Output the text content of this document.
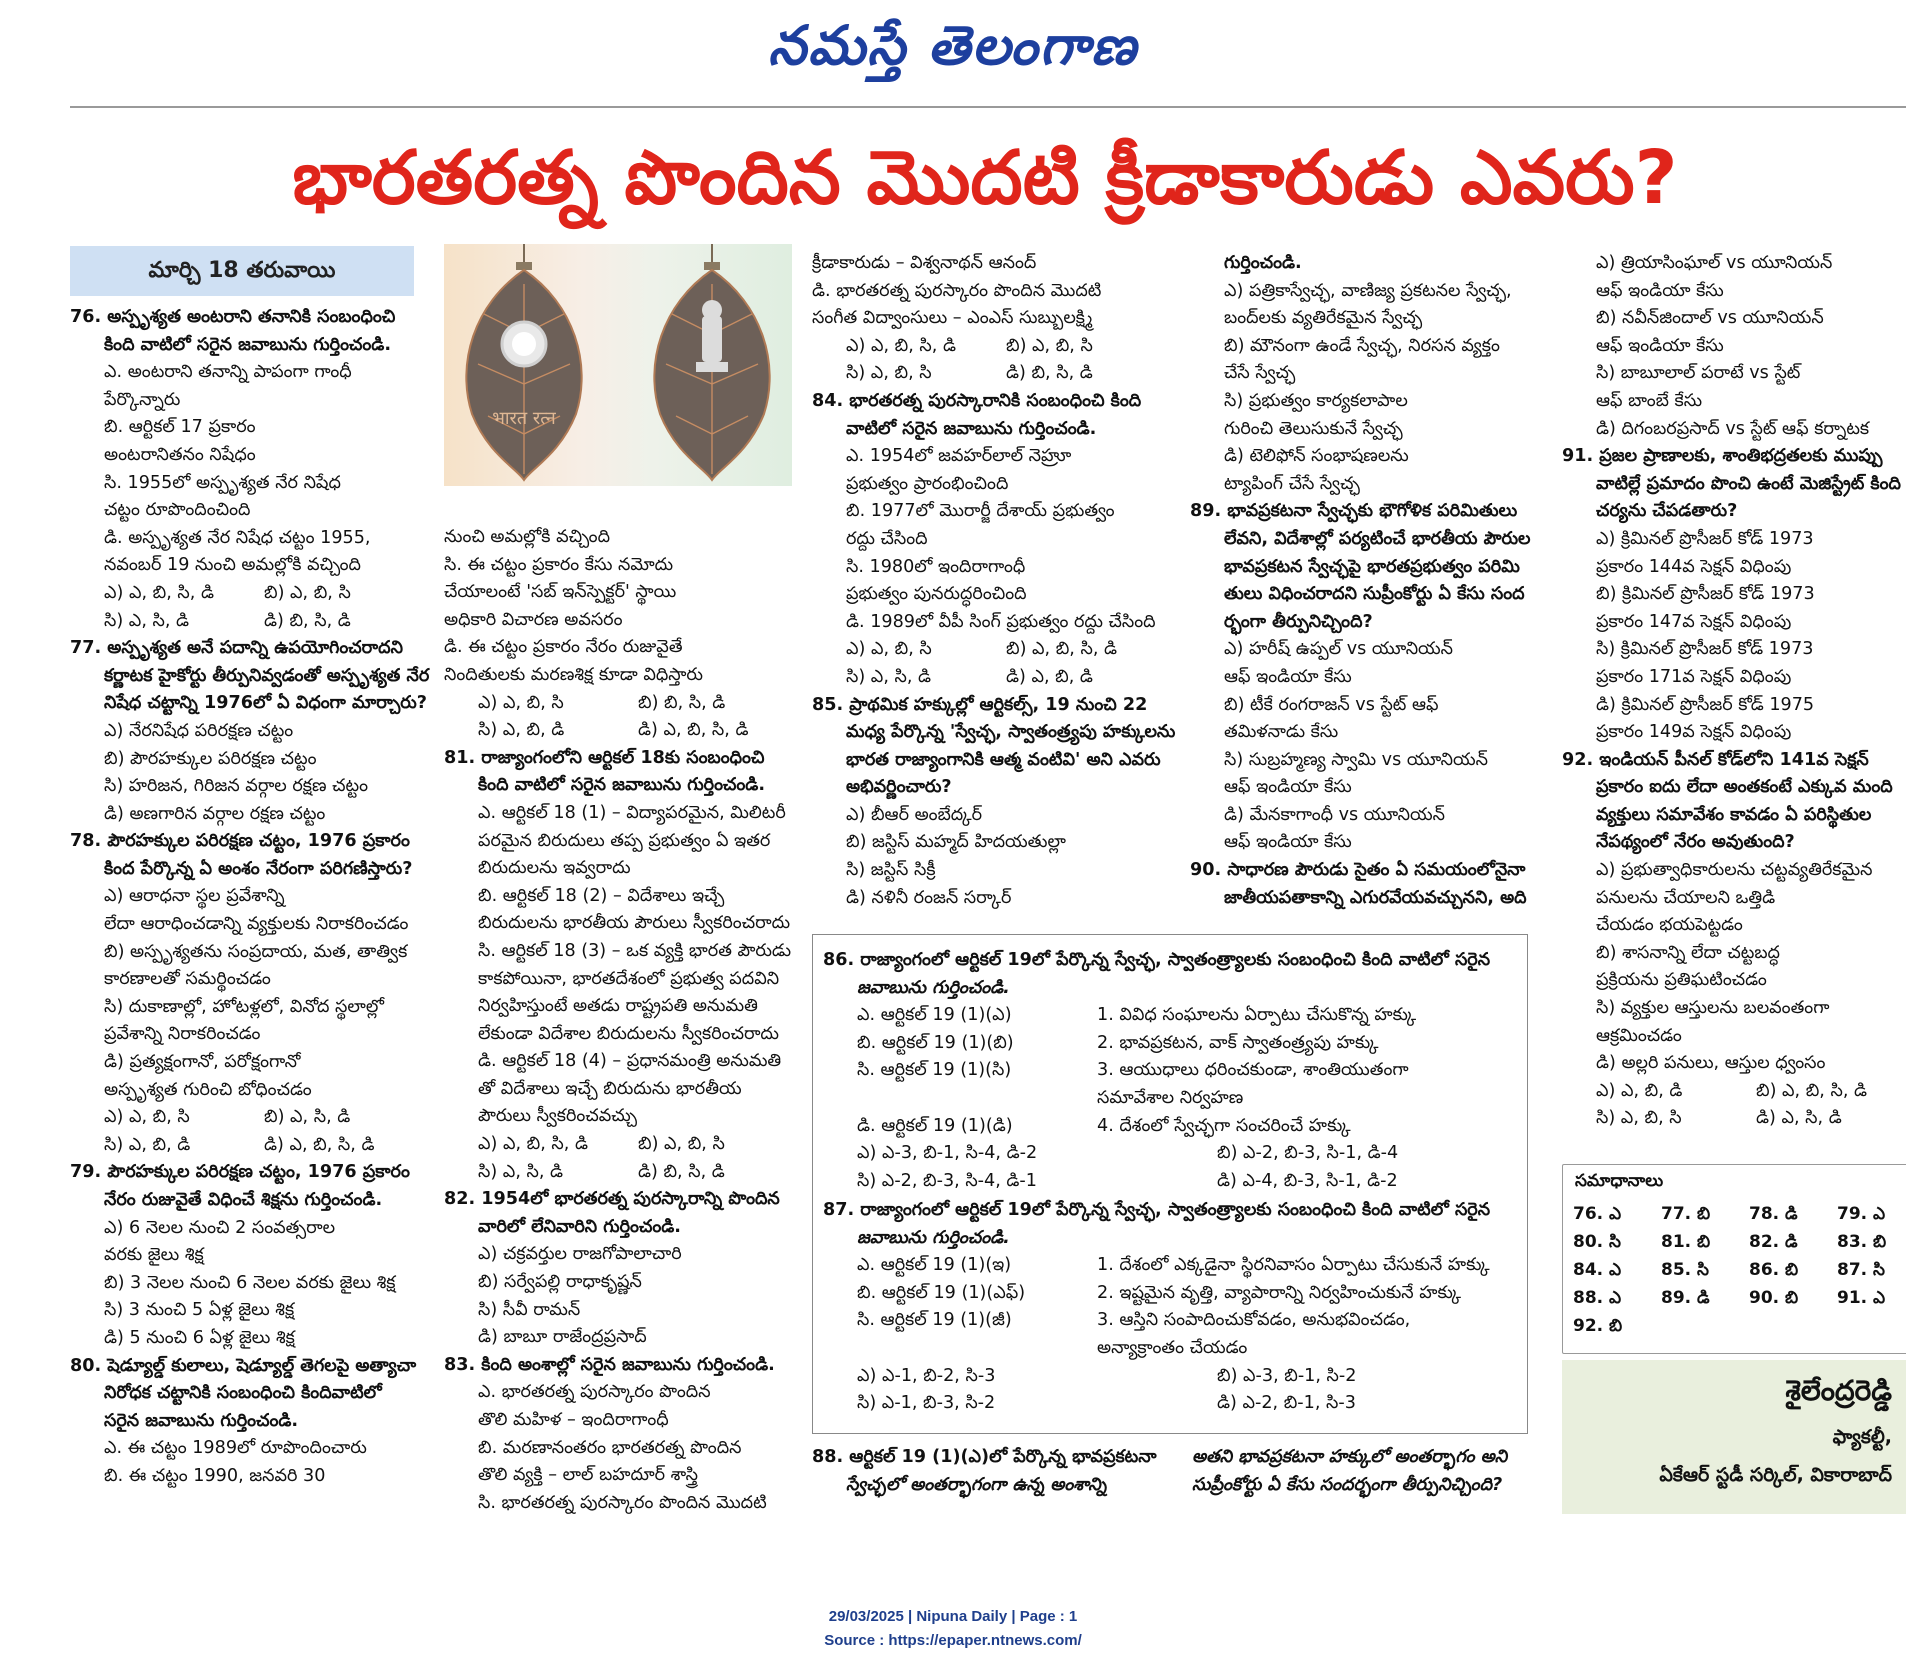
నమస్తే తెలంగాణ
భారతరత్న పొందిన మొదటి క్రీడాకారుడు ఎవరు?
మార్చి 18 తరువాయి
भारत रत्न
76. అస్పృశ్యత అంటరాని తనానికి సంబంధించి
కింది వాటిలో సరైన జవాబును గుర్తించండి.
ఎ. అంటరాని తనాన్ని పాపంగా గాంధీ
పేర్కొన్నారు
బి. ఆర్టికల్ 17 ప్రకారం
అంటరానితనం నిషేధం
సి. 1955లో అస్పృశ్యత నేర నిషేధ
చట్టం రూపొందించింది
డి. అస్పృశ్యత నేర నిషేధ చట్టం 1955,
నవంబర్ 19 నుంచి అమల్లోకి వచ్చింది
ఎ) ఎ, బి, సి, డి	బి) ఎ, బి, సి
సి) ఎ, సి, డి	డి) బి, సి, డి
77. అస్పృశ్యత అనే పదాన్ని ఉపయోగించరాదని
కర్ణాటక హైకోర్టు తీర్పునివ్వడంతో అస్పృశ్యత నేర
నిషేధ చట్టాన్ని 1976లో ఏ విధంగా మార్చారు?
ఎ) నేరనిషేధ పరిరక్షణ చట్టం
బి) పౌరహక్కుల పరిరక్షణ చట్టం
సి) హరిజన, గిరిజన వర్గాల రక్షణ చట్టం
డి) అణగారిన వర్గాల రక్షణ చట్టం
78. పౌరహక్కుల పరిరక్షణ చట్టం, 1976 ప్రకారం
కింద పేర్కొన్న ఏ అంశం నేరంగా పరిగణిస్తారు?
ఎ) ఆరాధనా స్థల ప్రవేశాన్ని
లేదా ఆరాధించడాన్ని వ్యక్తులకు నిరాకరించడం
బి) అస్పృశ్యతను సంప్రదాయ, మత, తాత్విక
కారణాలతో సమర్థించడం
సి) దుకాణాల్లో, హోటళ్లలో, వినోద స్థలాల్లో
ప్రవేశాన్ని నిరాకరించడం
డి) ప్రత్యక్షంగానో, పరోక్షంగానో
అస్పృశ్యత గురించి బోధించడం
ఎ) ఎ, బి, సి	బి) ఎ, సి, డి
సి) ఎ, బి, డి	డి) ఎ, బి, సి, డి
79. పౌరహక్కుల పరిరక్షణ చట్టం, 1976 ప్రకారం
నేరం రుజువైతే విధించే శిక్షను గుర్తించండి.
ఎ) 6 నెలల నుంచి 2 సంవత్సరాల
వరకు జైలు శిక్ష
బి) 3 నెలల నుంచి 6 నెలల వరకు జైలు శిక్ష
సి) 3 నుంచి 5 ఏళ్ల జైలు శిక్ష
డి) 5 నుంచి 6 ఏళ్ల జైలు శిక్ష
80. షెడ్యూల్డ్ కులాలు, షెడ్యూల్డ్ తెగలపై అత్యాచా
నిరోధక చట్టానికి సంబంధించి కిందివాటిలో
సరైన జవాబును గుర్తించండి.
ఎ. ఈ చట్టం 1989లో రూపొందించారు
బి. ఈ చట్టం 1990, జనవరి 30
నుంచి అమల్లోకి వచ్చింది
సి. ఈ చట్టం ప్రకారం కేసు నమోదు
చేయాలంటే 'సబ్ ఇన్‌స్పెక్టర్' స్థాయి
అధికారి విచారణ అవసరం
డి. ఈ చట్టం ప్రకారం నేరం రుజువైతే
నిందితులకు మరణశిక్ష కూడా విధిస్తారు
ఎ) ఎ, బి, సి	బి) బి, సి, డి
సి) ఎ, బి, డి	డి) ఎ, బి, సి, డి
81. రాజ్యాంగంలోని ఆర్టికల్ 18కు సంబంధించి
కింది వాటిలో సరైన జవాబును గుర్తించండి.
ఎ. ఆర్టికల్ 18 (1) – విద్యాపరమైన, మిలిటరీ
పరమైన బిరుదులు తప్ప ప్రభుత్వం ఏ ఇతర
బిరుదులను ఇవ్వరాదు
బి. ఆర్టికల్ 18 (2) – విదేశాలు ఇచ్చే
బిరుదులను భారతీయ పౌరులు స్వీకరించరాదు
సి. ఆర్టికల్ 18 (3) – ఒక వ్యక్తి భారత పౌరుడు
కాకపోయినా, భారతదేశంలో ప్రభుత్వ పదవిని
నిర్వహిస్తుంటే అతడు రాష్ట్రపతి అనుమతి
లేకుండా విదేశాల బిరుదులను స్వీకరించరాదు
డి. ఆర్టికల్ 18 (4) – ప్రధానమంత్రి అనుమతి
తో విదేశాలు ఇచ్చే బిరుదును భారతీయ
పౌరులు స్వీకరించవచ్చు
ఎ) ఎ, బి, సి, డి	బి) ఎ, బి, సి
సి) ఎ, సి, డి	డి) బి, సి, డి
82. 1954లో భారతరత్న పురస్కారాన్ని పొందిన
వారిలో లేనివారిని గుర్తించండి.
ఎ) చక్రవర్తుల రాజగోపాలాచారి
బి) సర్వేపల్లి రాధాకృష్ణన్
సి) సీవీ రామన్
డి) బాబూ రాజేంద్రప్రసాద్
83. కింది అంశాల్లో సరైన జవాబును గుర్తించండి.
ఎ. భారతరత్న పురస్కారం పొందిన
తొలి మహిళ – ఇందిరాగాంధీ
బి. మరణానంతరం భారతరత్న పొందిన
తొలి వ్యక్తి – లాల్ బహదూర్ శాస్త్రి
సి. భారతరత్న పురస్కారం పొందిన మొదటి
క్రీడాకారుడు – విశ్వనాథన్ ఆనంద్
డి. భారతరత్న పురస్కారం పొందిన మొదటి
సంగీత విద్వాంసులు – ఎంఎస్ సుబ్బులక్ష్మి
ఎ) ఎ, బి, సి, డి	బి) ఎ, బి, సి
సి) ఎ, బి, సి	డి) బి, సి, డి
84. భారతరత్న పురస్కారానికి సంబంధించి కింది
వాటిలో సరైన జవాబును గుర్తించండి.
ఎ. 1954లో జవహర్‌లాల్ నెహ్రూ
ప్రభుత్వం ప్రారంభించింది
బి. 1977లో మొరార్జీ దేశాయ్ ప్రభుత్వం
రద్దు చేసింది
సి. 1980లో ఇందిరాగాంధీ
ప్రభుత్వం పునరుద్ధరించింది
డి. 1989లో వీపీ సింగ్ ప్రభుత్వం రద్దు చేసింది
ఎ) ఎ, బి, సి	బి) ఎ, బి, సి, డి
సి) ఎ, సి, డి	డి) ఎ, బి, డి
85. ప్రాథమిక హక్కుల్లో ఆర్టికల్స్, 19 నుంచి 22
మధ్య పేర్కొన్న 'స్వేచ్ఛ, స్వాతంత్ర్యపు హక్కులను
భారత రాజ్యాంగానికి ఆత్మ వంటివి' అని ఎవరు
అభివర్ణించారు?
ఎ) బీఆర్ అంబేద్కర్
బి) జస్టిస్ మహ్మద్ హిదయతుల్లా
సి) జస్టిస్ సిక్రీ
డి) నళినీ రంజన్ సర్కార్
గుర్తించండి.
ఎ) పత్రికాస్వేచ్ఛ, వాణిజ్య ప్రకటనల స్వేచ్ఛ,
బంద్‌లకు వ్యతిరేకమైన స్వేచ్ఛ
బి) మౌనంగా ఉండే స్వేచ్ఛ, నిరసన వ్యక్తం
చేసే స్వేచ్ఛ
సి) ప్రభుత్వం కార్యకలాపాల
గురించి తెలుసుకునే స్వేచ్ఛ
డి) టెలిఫోన్ సంభాషణలను
ట్యాపింగ్ చేసే స్వేచ్ఛ
89. భావప్రకటనా స్వేచ్ఛకు భౌగోళిక పరిమితులు
లేవని, విదేశాల్లో పర్యటించే భారతీయ పౌరుల
భావప్రకటన స్వేచ్ఛపై భారతప్రభుత్వం పరిమి
తులు విధించరాదని సుప్రీంకోర్టు ఏ కేసు సంద
ర్భంగా తీర్పునిచ్చింది?
ఎ) హరీష్ ఉప్పల్ vs యూనియన్
ఆఫ్ ఇండియా కేసు
బి) టీకే రంగరాజన్ vs స్టేట్ ఆఫ్
తమిళనాడు కేసు
సి) సుబ్రహ్మణ్య స్వామి vs యూనియన్
ఆఫ్ ఇండియా కేసు
డి) మేనకాగాంధీ vs యూనియన్
ఆఫ్ ఇండియా కేసు
90. సాధారణ పౌరుడు సైతం ఏ సమయంలోనైనా
జాతీయపతాకాన్ని ఎగురవేయవచ్చునని, అది
ఎ) త్రియాసింఘాల్ vs యూనియన్
ఆఫ్ ఇండియా కేసు
బి) నవీన్‌జిందాల్ vs యూనియన్
ఆఫ్ ఇండియా కేసు
సి) బాబూలాల్ పరాటే vs స్టేట్
ఆఫ్ బాంబే కేసు
డి) దిగంబరప్రసాద్ vs స్టేట్ ఆఫ్ కర్నాటక
91. ప్రజల ప్రాణాలకు, శాంతిభద్రతలకు ముప్పు
వాటిల్లే ప్రమాదం పొంచి ఉంటే మెజిస్ట్రేట్ కింది
చర్యను చేపడతారు?
ఎ) క్రిమినల్ ప్రొసీజర్ కోడ్ 1973
ప్రకారం 144వ సెక్షన్ విధింపు
బి) క్రిమినల్ ప్రొసీజర్ కోడ్ 1973
ప్రకారం 147వ సెక్షన్ విధింపు
సి) క్రిమినల్ ప్రొసీజర్ కోడ్ 1973
ప్రకారం 171వ సెక్షన్ విధింపు
డి) క్రిమినల్ ప్రొసీజర్ కోడ్ 1975
ప్రకారం 149వ సెక్షన్ విధింపు
92. ఇండియన్ పీనల్ కోడ్‌లోని 141వ సెక్షన్
ప్రకారం ఐదు లేదా అంతకంటే ఎక్కువ మంది
వ్యక్తులు సమావేశం కావడం ఏ పరిస్థితుల
నేపథ్యంలో నేరం అవుతుంది?
ఎ) ప్రభుత్వాధికారులను చట్టవ్యతిరేకమైన
పనులను చేయాలని ఒత్తిడి
చేయడం భయపెట్టడం
బి) శాసనాన్ని లేదా చట్టబద్ధ
ప్రక్రియను ప్రతిఘటించడం
సి) వ్యక్తుల ఆస్తులను బలవంతంగా
ఆక్రమించడం
డి) అల్లరి పనులు, ఆస్తుల ధ్వంసం
ఎ) ఎ, బి, డి	బి) ఎ, బి, సి, డి
సి) ఎ, బి, సి	డి) ఎ, సి, డి
86. రాజ్యాంగంలో ఆర్టికల్ 19లో పేర్కొన్న స్వేచ్ఛ, స్వాతంత్ర్యాలకు సంబంధించి కింది వాటిలో సరైన
జవాబును గుర్తించండి.
ఎ. ఆర్టికల్ 19 (1)(ఎ)	1. వివిధ సంఘాలను ఏర్పాటు చేసుకొన్న హక్కు
బి. ఆర్టికల్ 19 (1)(బి)	2. భావప్రకటన, వాక్ స్వాతంత్ర్యపు హక్కు
సి. ఆర్టికల్ 19 (1)(సి)	3. ఆయుధాలు ధరించకుండా, శాంతియుతంగా
సమావేశాల నిర్వహణ
డి. ఆర్టికల్ 19 (1)(డి)	4. దేశంలో స్వేచ్ఛగా సంచరించే హక్కు
ఎ) ఎ-3, బి-1, సి-4, డి-2	బి) ఎ-2, బి-3, సి-1, డి-4
సి) ఎ-2, బి-3, సి-4, డి-1	డి) ఎ-4, బి-3, సి-1, డి-2
87. రాజ్యాంగంలో ఆర్టికల్ 19లో పేర్కొన్న స్వేచ్ఛ, స్వాతంత్ర్యాలకు సంబంధించి కింది వాటిలో సరైన
జవాబును గుర్తించండి.
ఎ. ఆర్టికల్ 19 (1)(ఇ)	1. దేశంలో ఎక్కడైనా స్థిరనివాసం ఏర్పాటు చేసుకునే హక్కు
బి. ఆర్టికల్ 19 (1)(ఎఫ్)	2. ఇష్టమైన వృత్తి, వ్యాపారాన్ని నిర్వహించుకునే హక్కు
సి. ఆర్టికల్ 19 (1)(జీ)	3. ఆస్తిని సంపాదించుకోవడం, అనుభవించడం,
అన్యాక్రాంతం చేయడం
ఎ) ఎ-1, బి-2, సి-3	బి) ఎ-3, బి-1, సి-2
సి) ఎ-1, బి-3, సి-2	డి) ఎ-2, బి-1, సి-3
88. ఆర్టికల్ 19 (1)(ఎ)లో పేర్కొన్న భావప్రకటనా
స్వేచ్ఛలో అంతర్భాగంగా ఉన్న అంశాన్ని
అతని భావప్రకటనా హక్కులో అంతర్భాగం అని
సుప్రీంకోర్టు ఏ కేసు సందర్భంగా తీర్పునిచ్చింది?
సమాధానాలు
76. ఎ	77. బి	78. డి	79. ఎ
80. సి	81. బి	82. డి	83. బి
84. ఎ	85. సి	86. బి	87. సి
88. ఎ	89. డి	90. బి	91. ఎ
92. బి
శైలేంద్రరెడ్డి
ఫ్యాకల్టీ,
ఏకేఆర్ స్టడీ సర్కిల్, వికారాబాద్
29/03/2025 | Nipuna Daily | Page : 1
Source : https://epaper.ntnews.com/
